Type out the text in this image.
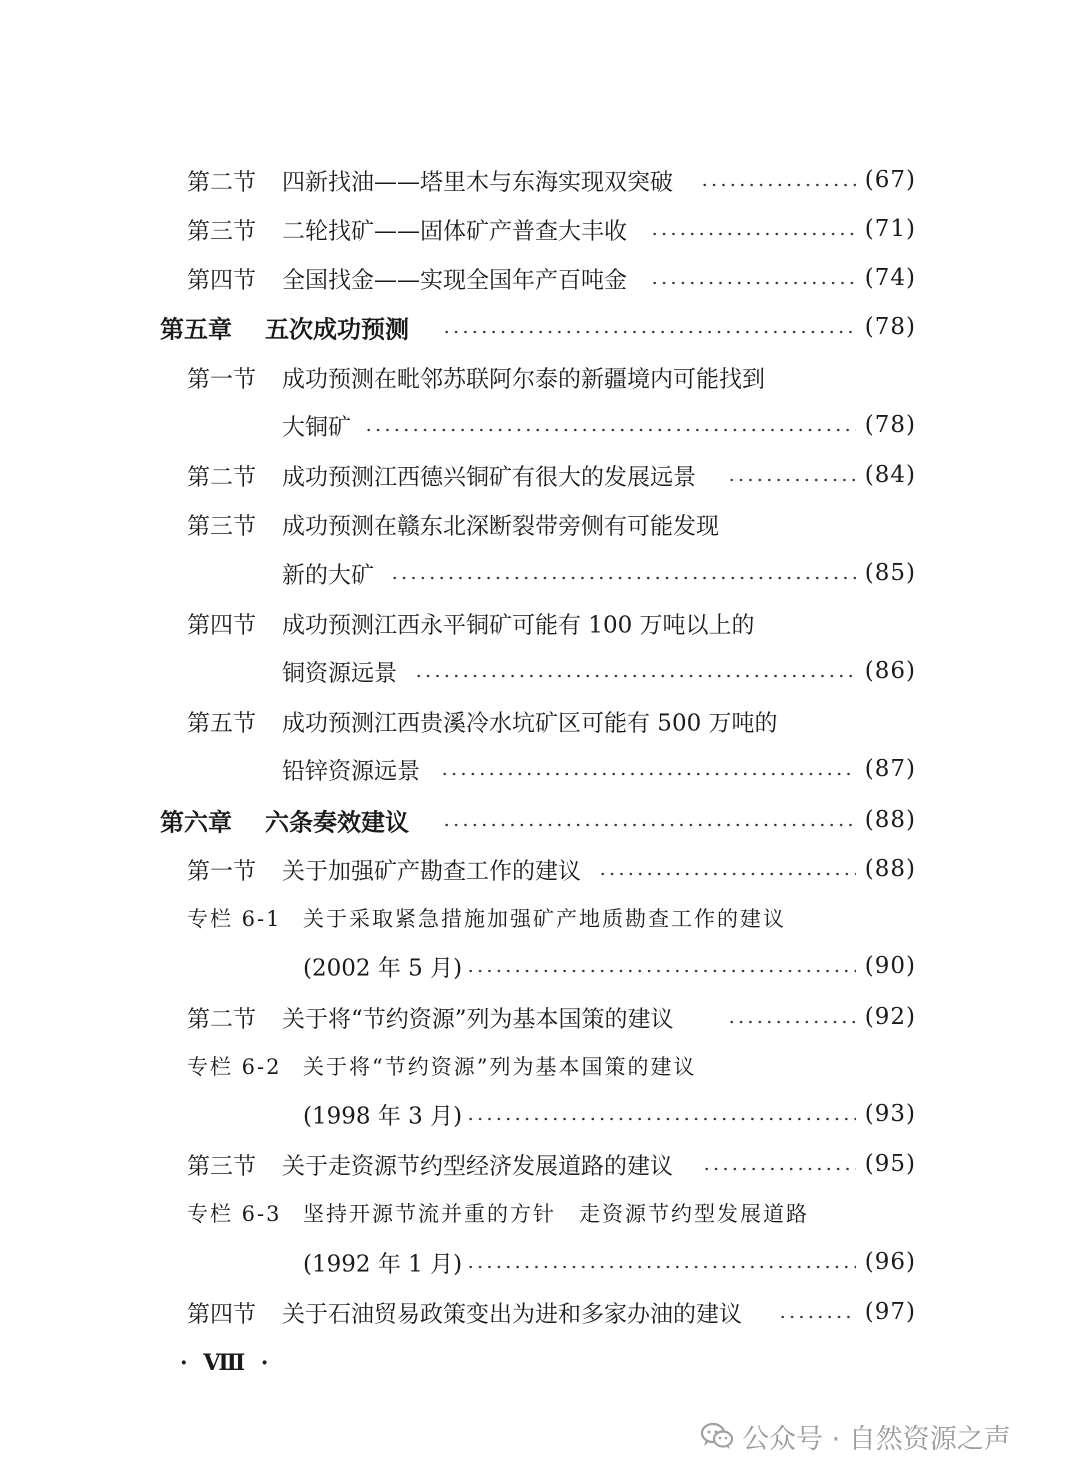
第二节 四新找油——塔里木与东海实现双突破	(67)
第三节 二轮找矿——固体矿产普查大丰收	(71)
第四节 全国找金——实现全国年产百吨金	(74)
第五章 五次成功预测	(78)
第一节 成功预测在毗邻苏联阿尔泰的新疆境内可能找到
大铜矿	(78)
第二节 成功预测江西德兴铜矿有很大的发展远景	(84)
第三节 成功预测在赣东北深断裂带旁侧有可能发现
新的大矿	(85)
第四节 成功预测江西永平铜矿可能有 100 万吨以上的
铜资源远景	(86)
第五节 成功预测江西贵溪冷水坑矿区可能有 500 万吨的
铅锌资源远景	(87)
第六章 六条奏效建议	(88)
第一节 关于加强矿产勘查工作的建议	(88)
专栏 6-1 关于采取紧急措施加强矿产地质勘查工作的建议
(2002 年 5 月)	(90)
第二节 关于将“节约资源”列为基本国策的建议	(92)
专栏 6-2 关于将“节约资源”列为基本国策的建议
(1998 年 3 月)	(93)
第三节 关于走资源节约型经济发展道路的建议	(95)
专栏 6-3 坚持开源节流并重的方针　走资源节约型发展道路
(1992 年 1 月)	(96)
第四节 关于石油贸易政策变出为进和多家办油的建议	(97)
· Ⅷ ·
公众号 · 自然资源之声
